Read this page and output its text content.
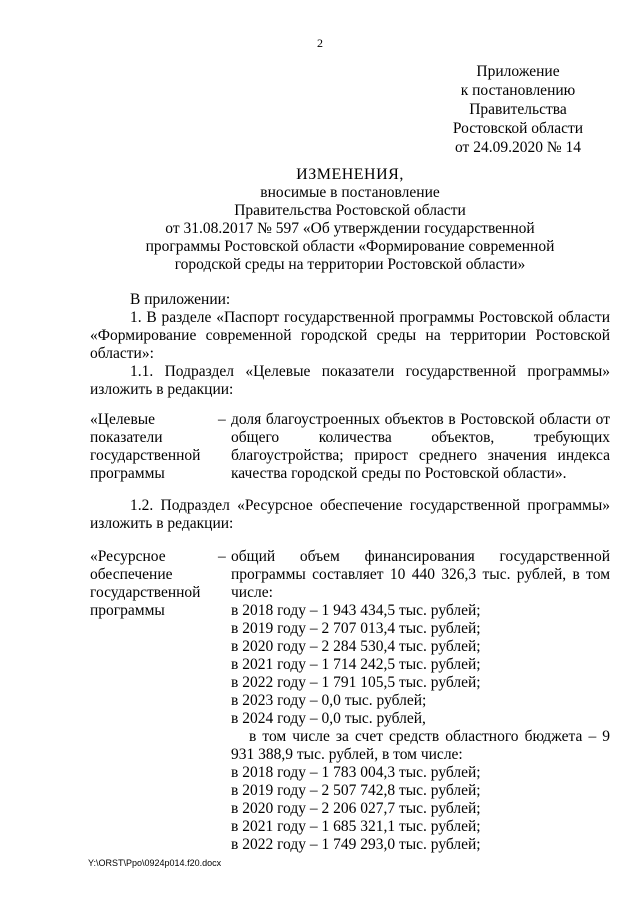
2
Приложение
к постановлению
Правительства
Ростовской области
от 24.09.2020 № 14
ИЗМЕНЕНИЯ,
вносимые в постановление
Правительства Ростовской области
от 31.08.2017 № 597 «Об утверждении государственной
программы Ростовской области «Формирование современной
городской среды на территории Ростовской области»
В приложении:
1. В разделе «Паспорт государственной программы Ростовской области «Формирование современной городской среды на территории Ростовской области»:
1.1. Подраздел «Целевые показатели государственной программы» изложить в редакции:
«Целевые показатели государственной программы
– доля благоустроенных объектов в Ростовской области от общего количества объектов, требующих благоустройства; прирост среднего значения индекса качества городской среды по Ростовской области».
1.2. Подраздел «Ресурсное обеспечение государственной программы» изложить в редакции:
«Ресурсное обеспечение государственной программы
– общий объем финансирования государственной программы составляет 10 440 326,3 тыс. рублей, в том числе:
в 2018 году – 1 943 434,5 тыс. рублей;
в 2019 году – 2 707 013,4 тыс. рублей;
в 2020 году – 2 284 530,4 тыс. рублей;
в 2021 году – 1 714 242,5 тыс. рублей;
в 2022 году – 1 791 105,5 тыс. рублей;
в 2023 году – 0,0 тыс. рублей;
в 2024 году – 0,0 тыс. рублей,
в том числе за счет средств областного бюджета – 9 931 388,9 тыс. рублей, в том числе:
в 2018 году – 1 783 004,3 тыс. рублей;
в 2019 году – 2 507 742,8 тыс. рублей;
в 2020 году – 2 206 027,7 тыс. рублей;
в 2021 году – 1 685 321,1 тыс. рублей;
в 2022 году – 1 749 293,0 тыс. рублей;
Y:\ORST\Ppo\0924p014.f20.docx
